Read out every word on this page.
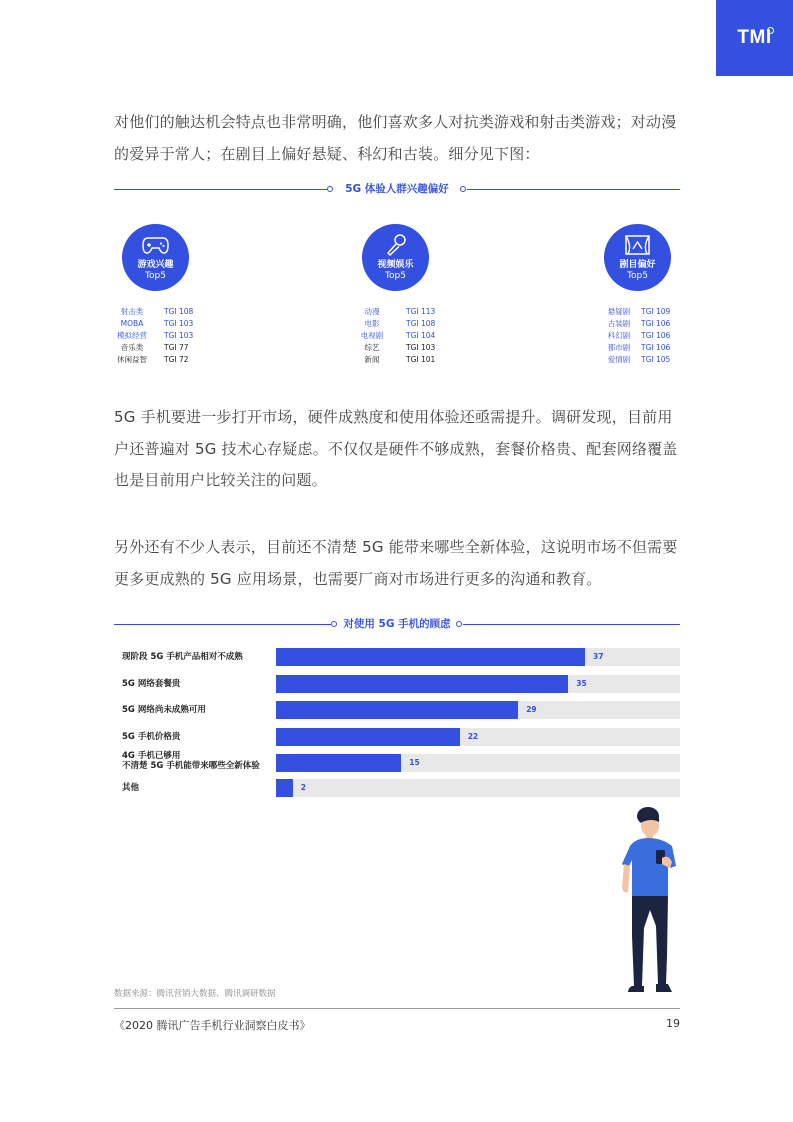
TMI

对他们的触达机会特点也非常明确，他们喜欢多人对抗类游戏和射击类游戏；对动漫的爱异于常人；在剧目上偏好悬疑、科幻和古装。细分见下图：

5G 体验人群兴趣偏好
游戏兴趣
Top5
视频娱乐
Top5
剧目偏好
Top5
射击类	TGI 108
MOBA	TGI 103
模拟经营	TGI 103
音乐类	TGI 77
休闲益智	TGI 72
动漫	TGI 113
电影	TGI 108
电视剧	TGI 104
综艺	TGI 103
新闻	TGI 101
悬疑剧	TGI 109
古装剧	TGI 106
科幻剧	TGI 106
都市剧	TGI 106
爱情剧	TGI 105

5G 手机要进一步打开市场，硬件成熟度和使用体验还亟需提升。调研发现，目前用户还普遍对 5G 技术心存疑虑。不仅仅是硬件不够成熟，套餐价格贵、配套网络覆盖也是目前用户比较关注的问题。

另外还有不少人表示，目前还不清楚 5G 能带来哪些全新体验，这说明市场不但需要更多更成熟的 5G 应用场景，也需要厂商对市场进行更多的沟通和教育。

对使用 5G 手机的顾虑
现阶段 5G 手机产品相对不成熟	37
5G 网络套餐贵	35
5G 网络尚未成熟可用	29
5G 手机价格贵	22
4G 手机已够用
不清楚 5G 手机能带来哪些全新体验	15
其他	2
数据来源：腾讯营销大数据、腾讯调研数据
《2020 腾讯广告手机行业洞察白皮书》	19
